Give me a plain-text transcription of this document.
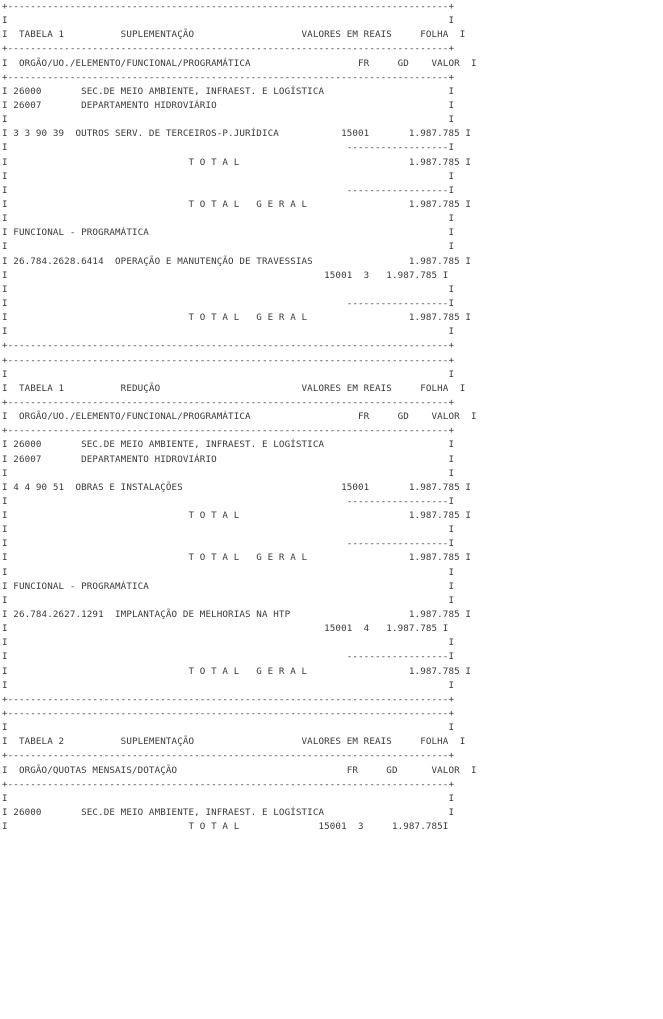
+------------------------------------------------------------------------------+
I                                                                              I
I  TABELA 1          SUPLEMENTAÇÃO                   VALORES EM REAIS     FOLHA  I
+------------------------------------------------------------------------------+
I  ORGÃO/UO./ELEMENTO/FUNCIONAL/PROGRAMÁTICA                   FR     GD    VALOR  I
+------------------------------------------------------------------------------+
I 26000       SEC.DE MEIO AMBIENTE, INFRAEST. E LOGÍSTICA                      I
I 26007       DEPARTAMENTO HIDROVIÁRIO                                         I
I                                                                              I
I 3 3 90 39  OUTROS SERV. DE TERCEIROS-P.JURÍDICA           15001       1.987.785 I
I                                                            ------------------I
I                                T O T A L                              1.987.785 I
I                                                                              I
I                                                            ------------------I
I                                T O T A L   G E R A L                  1.987.785 I
I                                                                              I
I FUNCIONAL - PROGRAMÁTICA                                                     I
I                                                                              I
I 26.784.2628.6414  OPERAÇÃO E MANUTENÇÃO DE TRAVESSIAS                 1.987.785 I
I                                                        15001  3   1.987.785 I
I                                                                              I
I                                                            ------------------I
I                                T O T A L   G E R A L                  1.987.785 I
I                                                                              I
+------------------------------------------------------------------------------+
+------------------------------------------------------------------------------+
I                                                                              I
I  TABELA 1          REDUÇÃO                         VALORES EM REAIS     FOLHA  I
+------------------------------------------------------------------------------+
I  ORGÃO/UO./ELEMENTO/FUNCIONAL/PROGRAMÁTICA                   FR     GD    VALOR  I
+------------------------------------------------------------------------------+
I 26000       SEC.DE MEIO AMBIENTE, INFRAEST. E LOGÍSTICA                      I
I 26007       DEPARTAMENTO HIDROVIÁRIO                                         I
I                                                                              I
I 4 4 90 51  OBRAS E INSTALAÇÕES                            15001       1.987.785 I
I                                                            ------------------I
I                                T O T A L                              1.987.785 I
I                                                                              I
I                                                            ------------------I
I                                T O T A L   G E R A L                  1.987.785 I
I                                                                              I
I FUNCIONAL - PROGRAMÁTICA                                                     I
I                                                                              I
I 26.784.2627.1291  IMPLANTAÇÃO DE MELHORIAS NA HTP                     1.987.785 I
I                                                        15001  4   1.987.785 I
I                                                                              I
I                                                            ------------------I
I                                T O T A L   G E R A L                  1.987.785 I
I                                                                              I
+------------------------------------------------------------------------------+
+------------------------------------------------------------------------------+
I                                                                              I
I  TABELA 2          SUPLEMENTAÇÃO                   VALORES EM REAIS     FOLHA  I
+------------------------------------------------------------------------------+
I  ORGÃO/QUOTAS MENSAIS/DOTAÇÃO                              FR     GD      VALOR  I
+------------------------------------------------------------------------------+
I                                                                              I
I 26000       SEC.DE MEIO AMBIENTE, INFRAEST. E LOGÍSTICA                      I
I                                T O T A L              15001  3     1.987.785I
